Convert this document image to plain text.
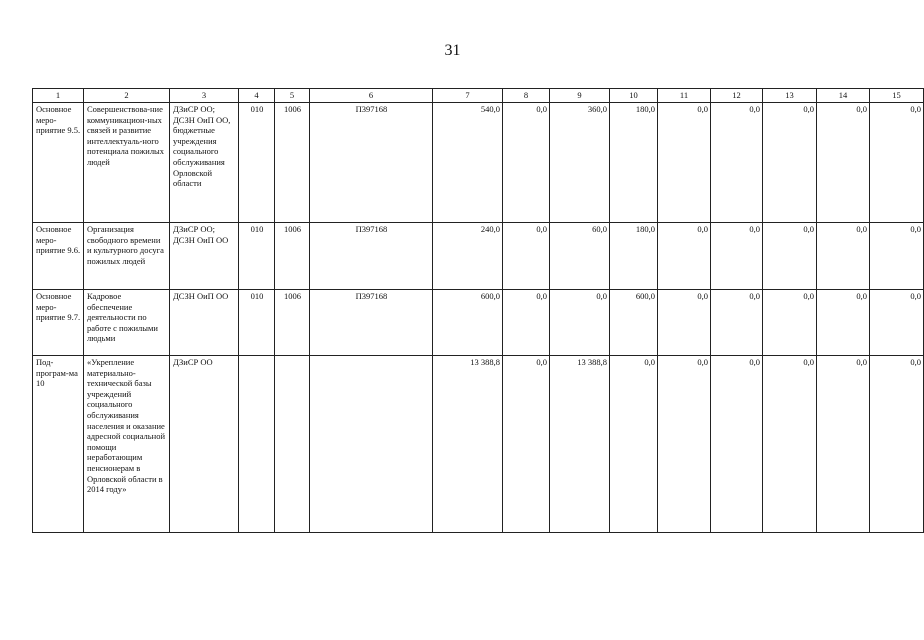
31
1	2	3	4	5	6	7	8	9	10	11	12	13	14	15
Основное меро-приятие 9.5.	Совершенствова-ние коммуникацион-ных связей и развитие интеллектуаль-ного потенциала пожилых людей	ДЗиСР ОО; ДСЗН ОиП ОО, бюджетные учреждения социального обслуживания Орловской области	010	1006	П397168	540,0	0,0	360,0	180,0	0,0	0,0	0,0	0,0	0,0
Основное меро-приятие 9.6.	Организация свободного времени и культурного досуга пожилых людей	ДЗиСР ОО; ДСЗН ОиП ОО	010	1006	П397168	240,0	0,0	60,0	180,0	0,0	0,0	0,0	0,0	0,0
Основное меро-приятие 9.7.	Кадровое обеспечение деятельности по работе с пожилыми людьми	ДСЗН ОиП ОО	010	1006	П397168	600,0	0,0	0,0	600,0	0,0	0,0	0,0	0,0	0,0
Под-програм-ма 10	«Укрепление материально-технической базы учреждений социального обслуживания населения и оказание адресной социальной помощи неработающим пенсионерам в Орловской области в 2014 году»	ДЗиСР ОО				13 388,8	0,0	13 388,8	0,0	0,0	0,0	0,0	0,0	0,0
